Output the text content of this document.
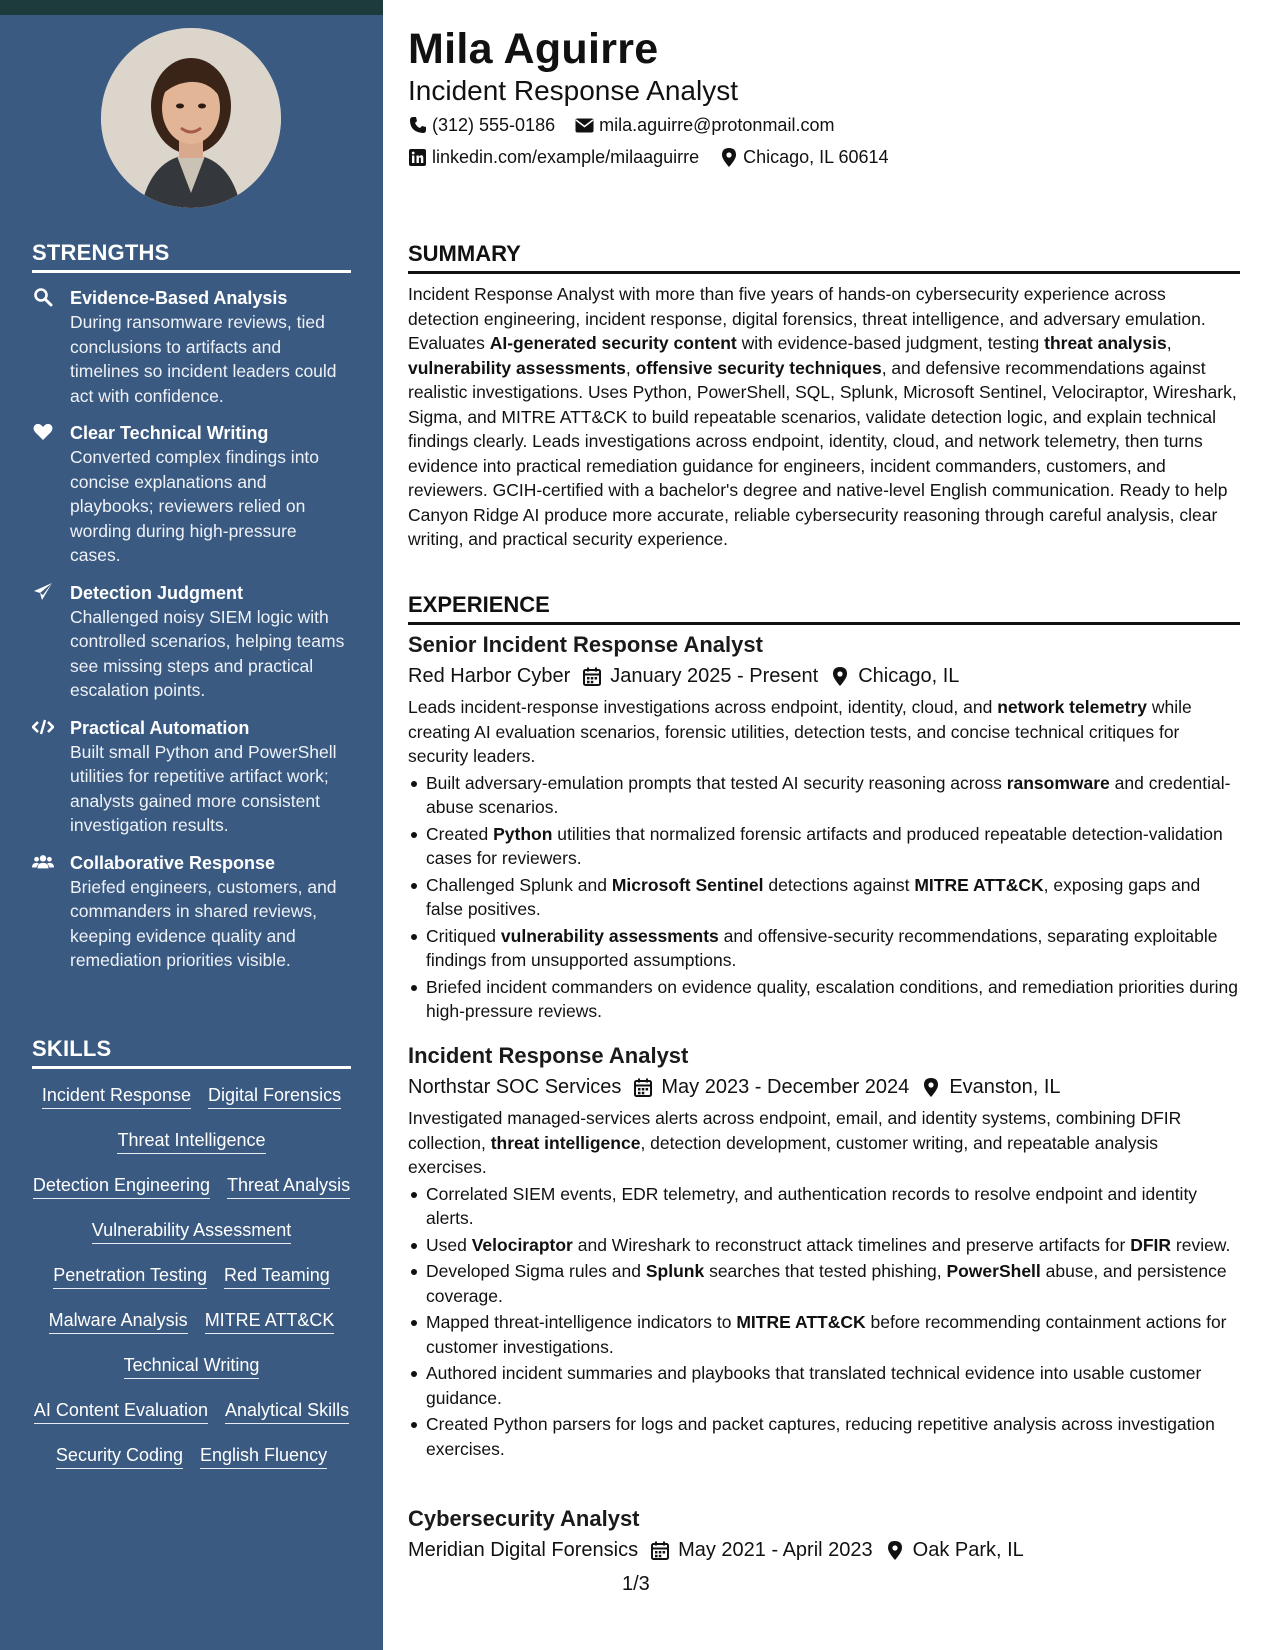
STRENGTHS
Evidence-Based Analysis
During ransomware reviews, tied conclusions to artifacts and timelines so incident leaders could act with confidence.
Clear Technical Writing
Converted complex findings into concise explanations and playbooks; reviewers relied on wording during high-pressure cases.
Detection Judgment
Challenged noisy SIEM logic with controlled scenarios, helping teams see missing steps and practical escalation points.
Practical Automation
Built small Python and PowerShell utilities for repetitive artifact work; analysts gained more consistent investigation results.
Collaborative Response
Briefed engineers, customers, and commanders in shared reviews, keeping evidence quality and remediation priorities visible.
SKILLS
Incident Response Digital Forensics
Threat Intelligence
Detection Engineering Threat Analysis
Vulnerability Assessment
Penetration Testing Red Teaming
Malware Analysis MITRE ATT&CK
Technical Writing
AI Content Evaluation Analytical Skills
Security Coding English Fluency
Mila Aguirre
Incident Response Analyst
(312) 555-0186 mila.aguirre@protonmail.com
linkedin.com/example/milaaguirre Chicago, IL 60614
SUMMARY
Incident Response Analyst with more than five years of hands-on cybersecurity experience across detection engineering, incident response, digital forensics, threat intelligence, and adversary emulation. Evaluates AI-generated security content with evidence-based judgment, testing threat analysis, vulnerability assessments, offensive security techniques, and defensive recommendations against realistic investigations. Uses Python, PowerShell, SQL, Splunk, Microsoft Sentinel, Velociraptor, Wireshark, Sigma, and MITRE ATT&CK to build repeatable scenarios, validate detection logic, and explain technical findings clearly. Leads investigations across endpoint, identity, cloud, and network telemetry, then turns evidence into practical remediation guidance for engineers, incident commanders, customers, and reviewers. GCIH-certified with a bachelor's degree and native-level English communication. Ready to help Canyon Ridge AI produce more accurate, reliable cybersecurity reasoning through careful analysis, clear writing, and practical security experience.
EXPERIENCE
Senior Incident Response Analyst
Red Harbor Cyber January 2025 - Present Chicago, IL
Leads incident-response investigations across endpoint, identity, cloud, and network telemetry while creating AI evaluation scenarios, forensic utilities, detection tests, and concise technical critiques for security leaders.
Built adversary-emulation prompts that tested AI security reasoning across ransomware and credential-abuse scenarios.
Created Python utilities that normalized forensic artifacts and produced repeatable detection-validation cases for reviewers.
Challenged Splunk and Microsoft Sentinel detections against MITRE ATT&CK, exposing gaps and false positives.
Critiqued vulnerability assessments and offensive-security recommendations, separating exploitable findings from unsupported assumptions.
Briefed incident commanders on evidence quality, escalation conditions, and remediation priorities during high-pressure reviews.
Incident Response Analyst
Northstar SOC Services May 2023 - December 2024 Evanston, IL
Investigated managed-services alerts across endpoint, email, and identity systems, combining DFIR collection, threat intelligence, detection development, customer writing, and repeatable analysis exercises.
Correlated SIEM events, EDR telemetry, and authentication records to resolve endpoint and identity alerts.
Used Velociraptor and Wireshark to reconstruct attack timelines and preserve artifacts for DFIR review.
Developed Sigma rules and Splunk searches that tested phishing, PowerShell abuse, and persistence coverage.
Mapped threat-intelligence indicators to MITRE ATT&CK before recommending containment actions for customer investigations.
Authored incident summaries and playbooks that translated technical evidence into usable customer guidance.
Created Python parsers for logs and packet captures, reducing repetitive analysis across investigation exercises.
Cybersecurity Analyst
Meridian Digital Forensics May 2021 - April 2023 Oak Park, IL
1/3
